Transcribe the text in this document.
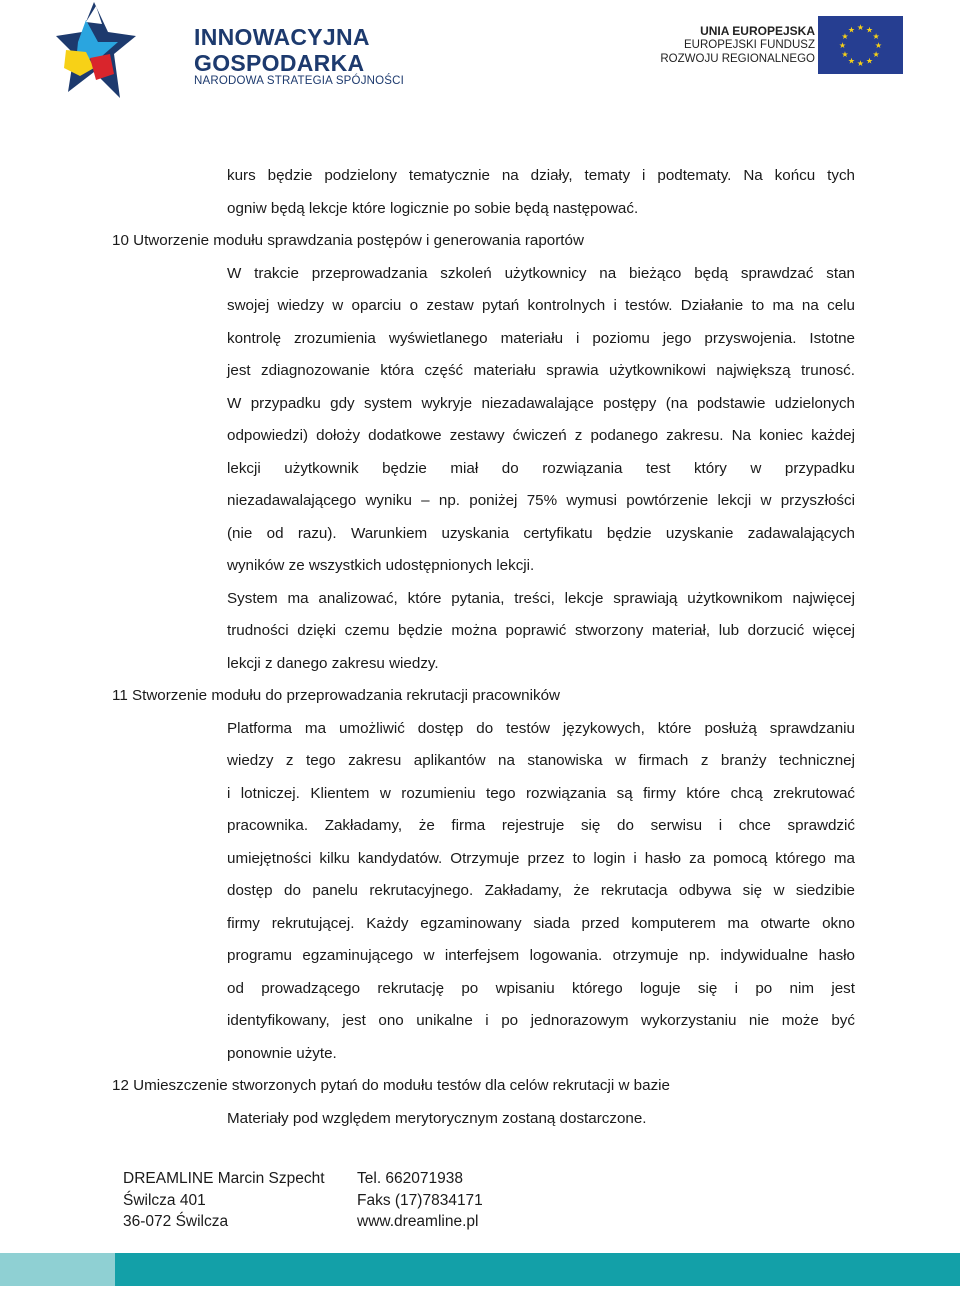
INNOWACYJNA
GOSPODARKA
NARODOWA STRATEGIA SPÓJNOŚCI
UNIA EUROPEJSKA
EUROPEJSKI FUNDUSZ
ROZWOJU REGIONALNEGO
★ ★
★
★
★
★
★
★
★
★
★
★
kurs będzie podzielony tematycznie na działy, tematy i podtematy. Na końcu tych
ogniw będą lekcje które logicznie po sobie będą następować.
10 Utworzenie modułu sprawdzania postępów i generowania raportów
W trakcie przeprowadzania szkoleń użytkownicy na bieżąco będą sprawdzać stan
swojej wiedzy w oparciu o zestaw pytań kontrolnych i testów. Działanie to ma na celu
kontrolę zrozumienia wyświetlanego materiału i poziomu jego przyswojenia. Istotne
jest zdiagnozowanie która część materiału sprawia użytkownikowi największą trunosć.
W przypadku gdy system wykryje niezadawalające postępy (na podstawie udzielonych
odpowiedzi) dołoży dodatkowe zestawy ćwiczeń z podanego zakresu. Na koniec każdej
lekcji użytkownik będzie miał do rozwiązania test który w przypadku
niezadawalającego wyniku – np. poniżej 75% wymusi powtórzenie lekcji w przyszłości
(nie od razu). Warunkiem uzyskania certyfikatu będzie uzyskanie zadawalających
wyników ze wszystkich udostępnionych lekcji.
System ma analizować, które pytania, treści, lekcje sprawiają użytkownikom najwięcej
trudności dzięki czemu będzie można poprawić stworzony materiał, lub dorzucić więcej
lekcji z danego zakresu wiedzy.
11 Stworzenie modułu do przeprowadzania rekrutacji pracowników
Platforma ma umożliwić dostęp do testów językowych, które posłużą sprawdzaniu
wiedzy z tego zakresu aplikantów na stanowiska w firmach z branży technicznej
i lotniczej. Klientem w rozumieniu tego rozwiązania są firmy które chcą zrekrutować
pracownika. Zakładamy, że firma rejestruje się do serwisu i chce sprawdzić
umiejętności kilku kandydatów. Otrzymuje przez to login i hasło za pomocą którego ma
dostęp do panelu rekrutacyjnego. Zakładamy, że rekrutacja odbywa się w siedzibie
firmy rekrutującej. Każdy egzaminowany siada przed komputerem ma otwarte okno
programu egzaminującego w interfejsem logowania. otrzymuje np. indywidualne hasło
od prowadzącego rekrutację po wpisaniu którego loguje się i po nim jest
identyfikowany, jest ono unikalne i po jednorazowym wykorzystaniu nie może być
ponownie użyte.
12 Umieszczenie stworzonych pytań do modułu testów dla celów rekrutacji w bazie
Materiały pod względem merytorycznym zostaną dostarczone.
DREAMLINE Marcin Szpecht
Świlcza 401
36-072 Świlcza
Tel. 662071938
Faks (17)7834171
www.dreamline.pl
